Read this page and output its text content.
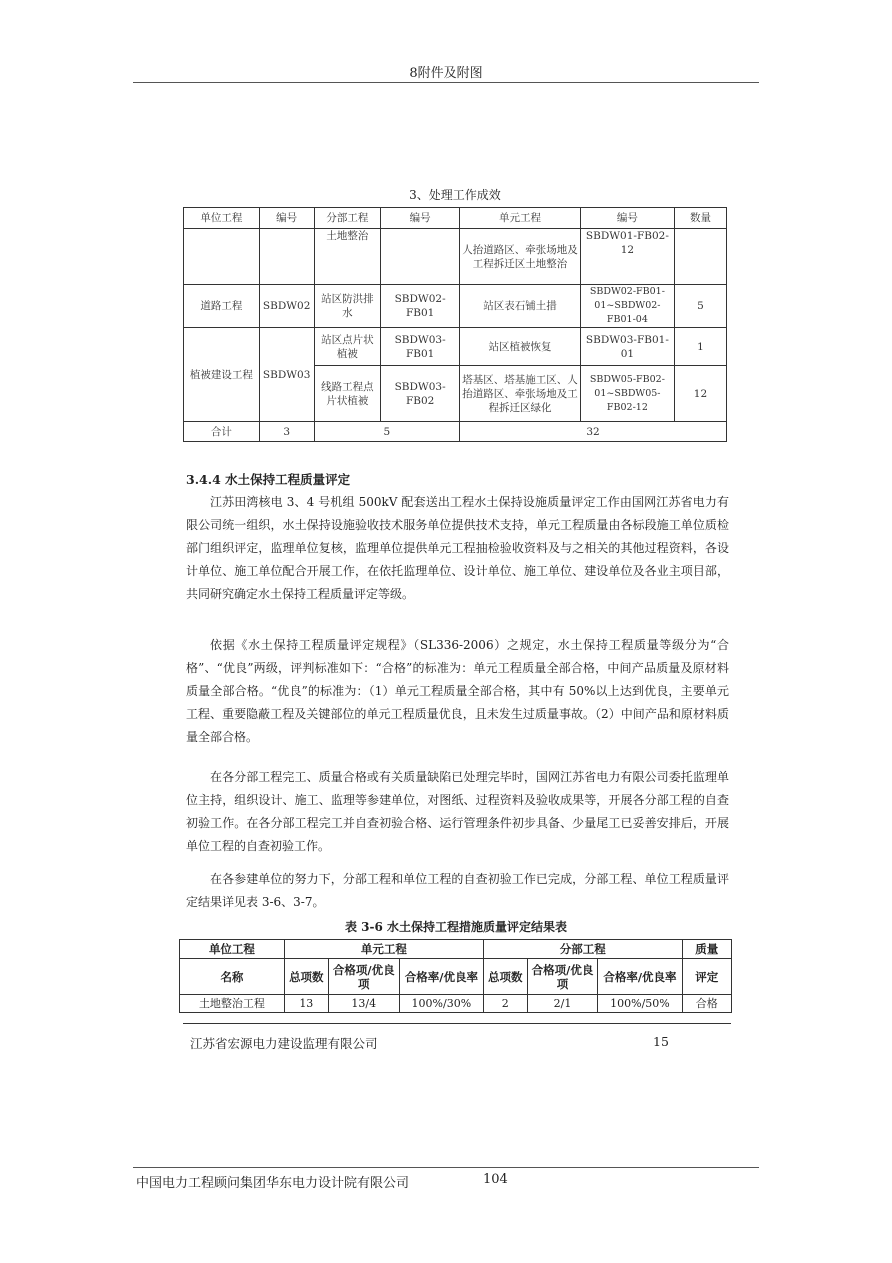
8附件及附图
3、处理工作成效
单位工程	编号	分部工程	编号	单元工程	编号	数量
		土地整治		人抬道路区、牵张场地及工程拆迁区土地整治	SBDW01-FB02-12	
道路工程	SBDW02	站区防洪排水	SBDW02-FB01	站区表石铺土措	SBDW02-FB01-01~SBDW02-FB01-04	5
植被建设工程	SBDW03	站区点片状植被	SBDW03-FB01	站区植被恢复	SBDW03-FB01-01	1
		线路工程点片状植被	SBDW03-FB02	塔基区、塔基施工区、人抬道路区、牵张场地及工程拆迁区绿化	SBDW05-FB02-01~SBDW05-FB02-12	12
合计	3	5		32		
3.4.4 水土保持工程质量评定
江苏田湾核电 3、4 号机组 500kV 配套送出工程水土保持设施质量评定工作由国网江苏省电力有限公司统一组织，水土保持设施验收技术服务单位提供技术支持，单元工程质量由各标段施工单位质检部门组织评定，监理单位复核，监理单位提供单元工程抽检验收资料及与之相关的其他过程资料，各设计单位、施工单位配合开展工作，在依托监理单位、设计单位、施工单位、建设单位及各业主项目部，共同研究确定水土保持工程质量评定等级。
依据《水土保持工程质量评定规程》（SL336-2006）之规定，水土保持工程质量等级分为“合格”、“优良”两级，评判标准如下：“合格”的标准为：单元工程质量全部合格，中间产品质量及原材料质量全部合格。“优良”的标准为：（1）单元工程质量全部合格，其中有 50%以上达到优良，主要单元工程、重要隐蔽工程及关键部位的单元工程质量优良，且未发生过质量事故。（2）中间产品和原材料质量全部合格。
在各分部工程完工、质量合格或有关质量缺陷已处理完毕时，国网江苏省电力有限公司委托监理单位主持，组织设计、施工、监理等参建单位，对图纸、过程资料及验收成果等，开展各分部工程的自查初验工作。在各分部工程完工并自查初验合格、运行管理条件初步具备、少量尾工已妥善安排后，开展单位工程的自查初验工作。
在各参建单位的努力下，分部工程和单位工程的自查初验工作已完成，分部工程、单位工程质量评定结果详见表 3-6、3-7。
表 3-6 水土保持工程措施质量评定结果表
单位工程	单元工程			分部工程			质量
名称	总项数	合格项/优良项	合格率/优良率	总项数	合格项/优良项	合格率/优良率	评定
土地整治工程	13	13/4	100%/30%	2	2/1	100%/50%	合格
江苏省宏源电力建设监理有限公司	15
中国电力工程顾问集团华东电力设计院有限公司	104
